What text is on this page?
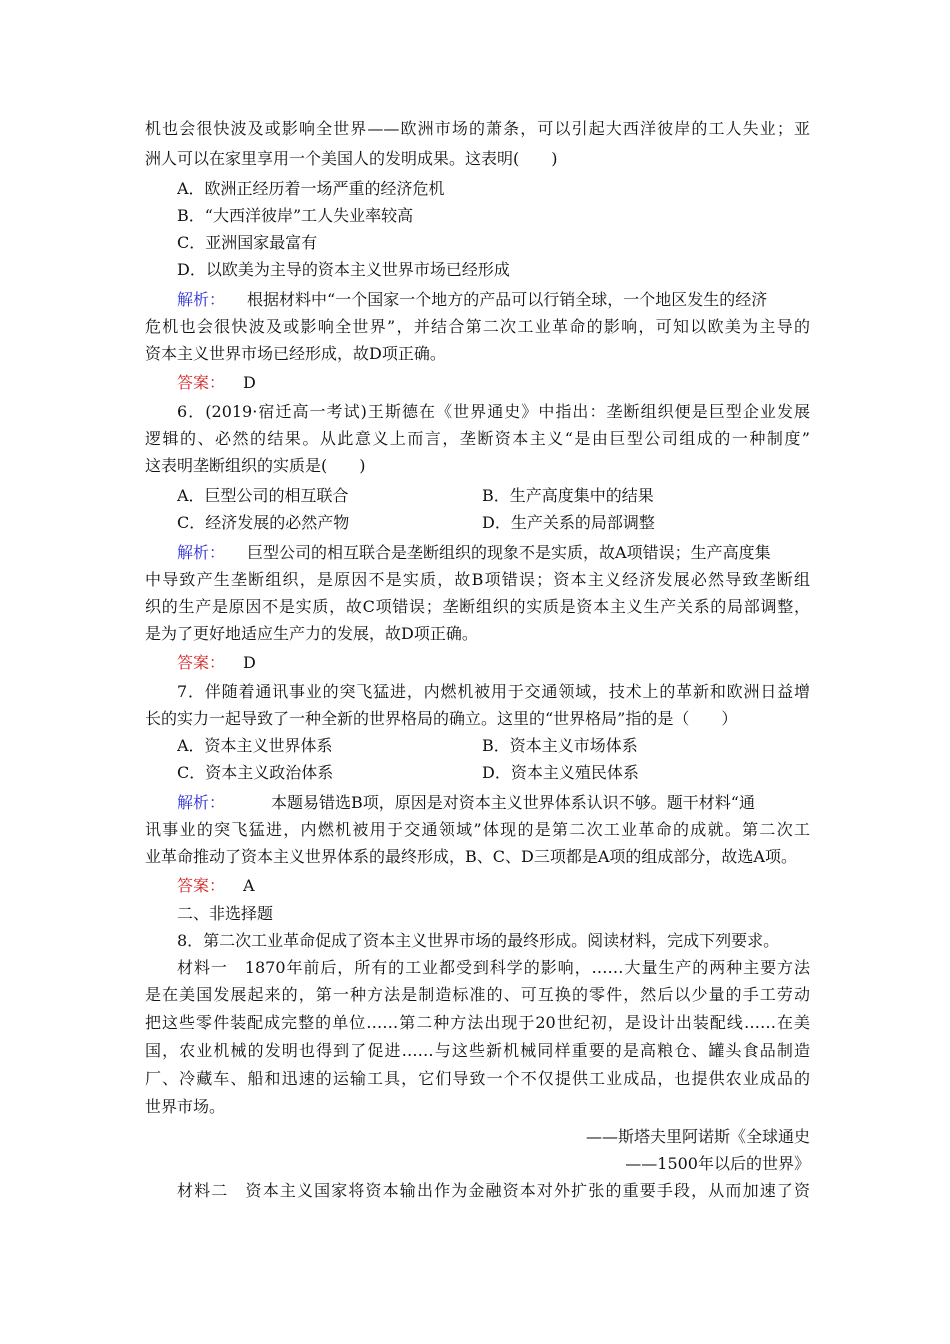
机也会很快波及或影响全世界——欧洲市场的萧条，可以引起大西洋彼岸的工人失业；亚
洲人可以在家里享用一个美国人的发明成果。这表明(　　)
A．欧洲正经历着一场严重的经济危机
B．“大西洋彼岸”工人失业率较高
C．亚洲国家最富有
D．以欧美为主导的资本主义世界市场已经形成
解析： 根据材料中“一个国家一个地方的产品可以行销全球，一个地区发生的经济
危机也会很快波及或影响全世界”，并结合第二次工业革命的影响，可知以欧美为主导的
资本主义世界市场已经形成，故D项正确。
答案： D
6．(2019·宿迁高一考试)王斯德在《世界通史》中指出：垄断组织便是巨型企业发展
逻辑的、必然的结果。从此意义上而言，垄断资本主义“是由巨型公司组成的一种制度”
这表明垄断组织的实质是(　　)
A．巨型公司的相互联合	B．生产高度集中的结果
C．经济发展的必然产物	D．生产关系的局部调整
解析： 巨型公司的相互联合是垄断组织的现象不是实质，故A项错误；生产高度集
中导致产生垄断组织，是原因不是实质，故B项错误；资本主义经济发展必然导致垄断组
织的生产是原因不是实质，故C项错误；垄断组织的实质是资本主义生产关系的局部调整，
是为了更好地适应生产力的发展，故D项正确。
答案： D
7．伴随着通讯事业的突飞猛进，内燃机被用于交通领域，技术上的革新和欧洲日益增
长的实力一起导致了一种全新的世界格局的确立。这里的“世界格局”指的是（　　）
A．资本主义世界体系	B．资本主义市场体系
C．资本主义政治体系	D．资本主义殖民体系
解析：	本题易错选B项，原因是对资本主义世界体系认识不够。题干材料“通
讯事业的突飞猛进，内燃机被用于交通领域”体现的是第二次工业革命的成就。第二次工
业革命推动了资本主义世界体系的最终形成，B、C、D三项都是A项的组成部分，故选A项。
答案： A
二、非选择题
8．第二次工业革命促成了资本主义世界市场的最终形成。阅读材料，完成下列要求。
材料一　1870年前后，所有的工业都受到科学的影响，……大量生产的两种主要方法
是在美国发展起来的，第一种方法是制造标准的、可互换的零件，然后以少量的手工劳动
把这些零件装配成完整的单位……第二种方法出现于20世纪初，是设计出装配线……在美
国，农业机械的发明也得到了促进……与这些新机械同样重要的是高粮仓、罐头食品制造
厂、冷藏车、船和迅速的运输工具，它们导致一个不仅提供工业成品，也提供农业成品的
世界市场。
——斯塔夫里阿诺斯《全球通史
——1500年以后的世界》
材料二　资本主义国家将资本输出作为金融资本对外扩张的重要手段，从而加速了资
